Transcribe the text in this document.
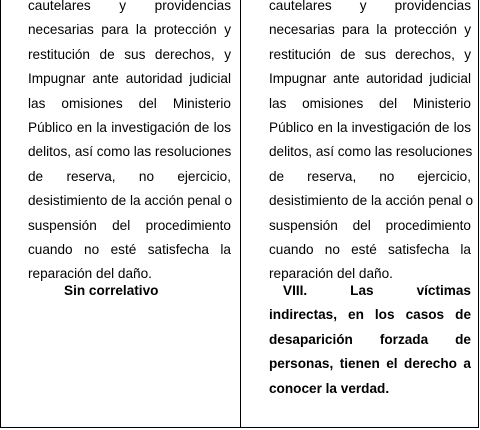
cautelares y providencias
necesarias para la protección y
restitución de sus derechos, y
Impugnar ante autoridad judicial
las omisiones del Ministerio
Público en la investigación de los
delitos, así como las resoluciones
de reserva, no ejercicio,
desistimiento de la acción penal o
suspensión del procedimiento
cuando no esté satisfecha la
reparación del daño.
Sin correlativo
cautelares y providencias
necesarias para la protección y
restitución de sus derechos, y
Impugnar ante autoridad judicial
las omisiones del Ministerio
Público en la investigación de los
delitos, así como las resoluciones
de reserva, no ejercicio,
desistimiento de la acción penal o
suspensión del procedimiento
cuando no esté satisfecha la
reparación del daño.
VIII. Las víctimas
indirectas, en los casos de
desaparición forzada de
personas, tienen el derecho a
conocer la verdad.
